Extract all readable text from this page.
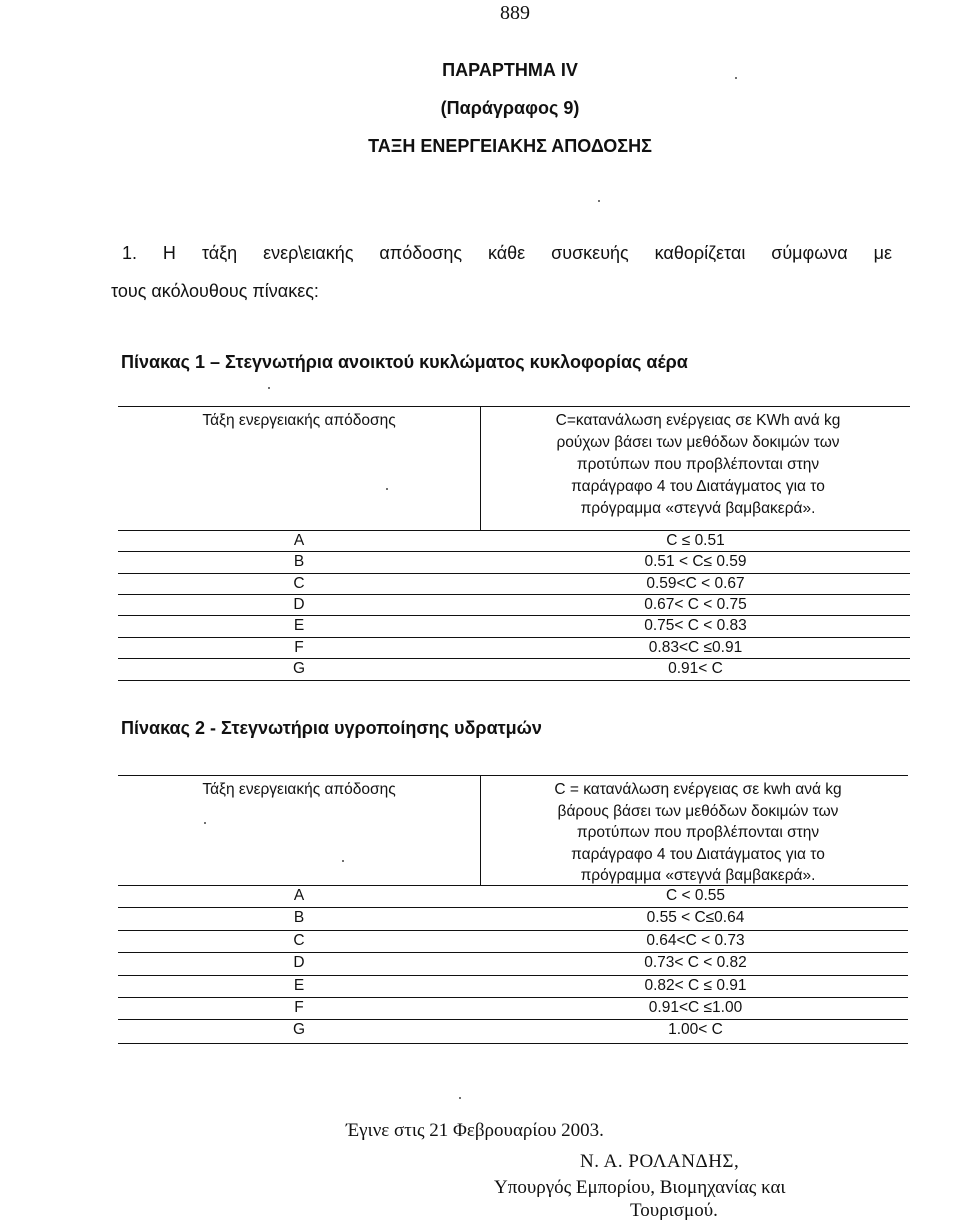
889
ΠΑΡΑΡΤΗΜΑ IV
(Παράγραφος 9)
ΤΑΞΗ ΕΝΕΡΓΕΙΑΚΗΣ ΑΠΟΔΟΣΗΣ
1. Η τάξη ενερ\ειακής απόδοσης κάθε συσκευής καθορίζεται σύμφωνα με
τους ακόλουθους πίνακες:
Πίνακας 1 – Στεγνωτήρια ανοικτού κυκλώματος κυκλοφορίας αέρα
Τάξη ενεργειακής απόδοσης	C=κατανάλωση ενέργειας σε KWh ανά kg
ρούχων βάσει των μεθόδων δοκιμών των
προτύπων που προβλέπονται στην
παράγραφο 4 του Διατάγματος για το
πρόγραμμα «στεγνά βαμβακερά».
A	C ≤ 0.51
B	0.51 < C≤ 0.59
C	0.59<C < 0.67
D	0.67< C < 0.75
E	0.75< C < 0.83
F	0.83<C ≤0.91
G	0.91< C
Πίνακας 2 - Στεγνωτήρια υγροποίησης υδρατμών
Τάξη ενεργειακής απόδοσης	C = κατανάλωση ενέργειας σε kwh ανά kg
βάρους βάσει των μεθόδων δοκιμών των
προτύπων που προβλέπονται στην
παράγραφο 4 του Διατάγματος για το
πρόγραμμα «στεγνά βαμβακερά».
A	C < 0.55
B	0.55 < C≤0.64
C	0.64<C < 0.73
D	0.73< C < 0.82
E	0.82< C ≤ 0.91
F	0.91<C ≤1.00
G	1.00< C
Έγινε στις 21 Φεβρουαρίου 2003.
Ν. Α. ΡΟΛΑΝΔΗΣ,
Υπουργός Εμπορίου, Βιομηχανίας και
Τουρισμού.
